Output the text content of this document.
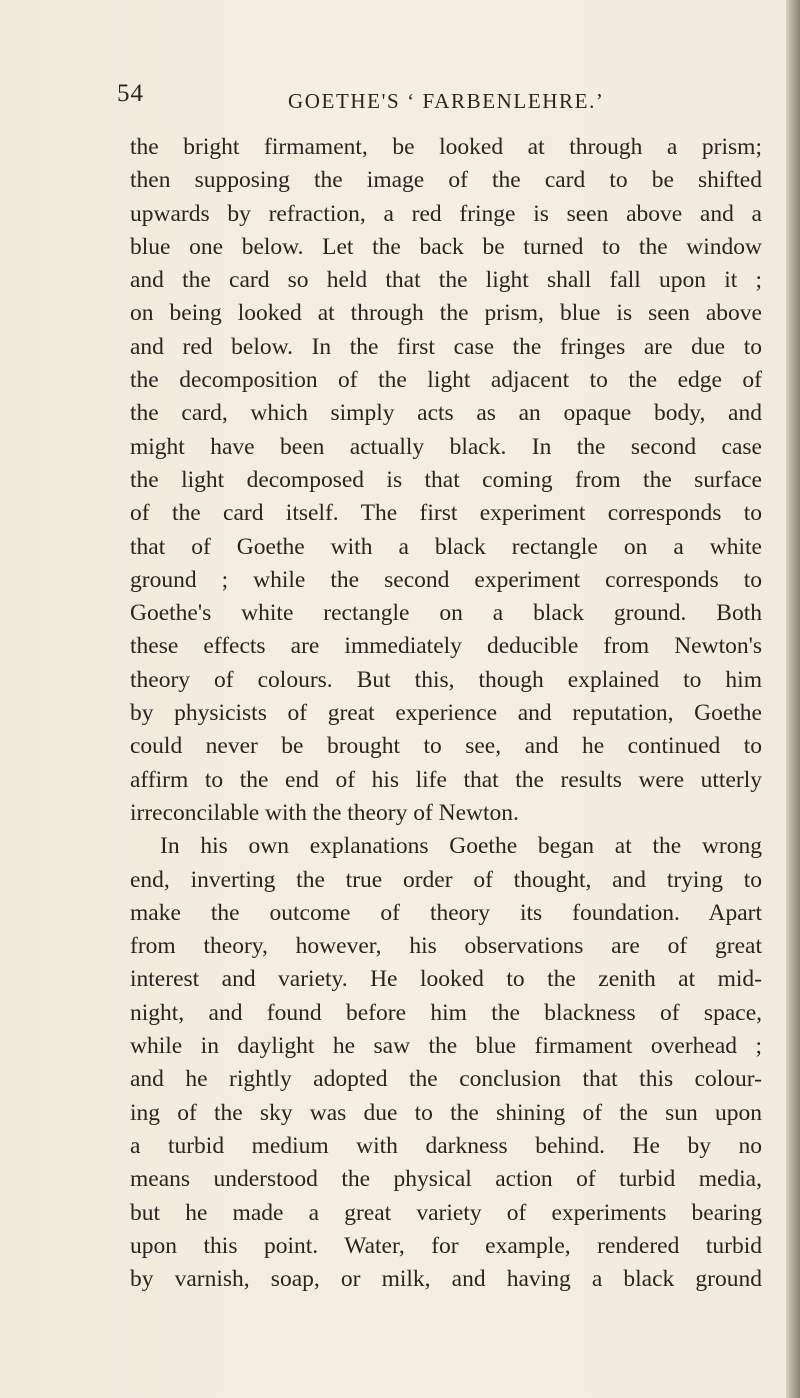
54	GOETHE'S ‘ FARBENLEHRE.’
the bright firmament, be looked at through a prism;
then supposing the image of the card to be shifted
upwards by refraction, a red fringe is seen above and a
blue one below. Let the back be turned to the window
and the card so held that the light shall fall upon it ;
on being looked at through the prism, blue is seen above
and red below. In the first case the fringes are due to
the decomposition of the light adjacent to the edge of
the card, which simply acts as an opaque body, and
might have been actually black. In the second case
the light decomposed is that coming from the surface
of the card itself. The first experiment corresponds to
that of Goethe with a black rectangle on a white
ground ; while the second experiment corresponds to
Goethe's white rectangle on a black ground. Both
these effects are immediately deducible from Newton's
theory of colours. But this, though explained to him
by physicists of great experience and reputation, Goethe
could never be brought to see, and he continued to
affirm to the end of his life that the results were utterly
irreconcilable with the theory of Newton.
In his own explanations Goethe began at the wrong
end, inverting the true order of thought, and trying to
make the outcome of theory its foundation. Apart
from theory, however, his observations are of great
interest and variety. He looked to the zenith at mid-
night, and found before him the blackness of space,
while in daylight he saw the blue firmament overhead ;
and he rightly adopted the conclusion that this colour-
ing of the sky was due to the shining of the sun upon
a turbid medium with darkness behind. He by no
means understood the physical action of turbid media,
but he made a great variety of experiments bearing
upon this point. Water, for example, rendered turbid
by varnish, soap, or milk, and having a black ground
